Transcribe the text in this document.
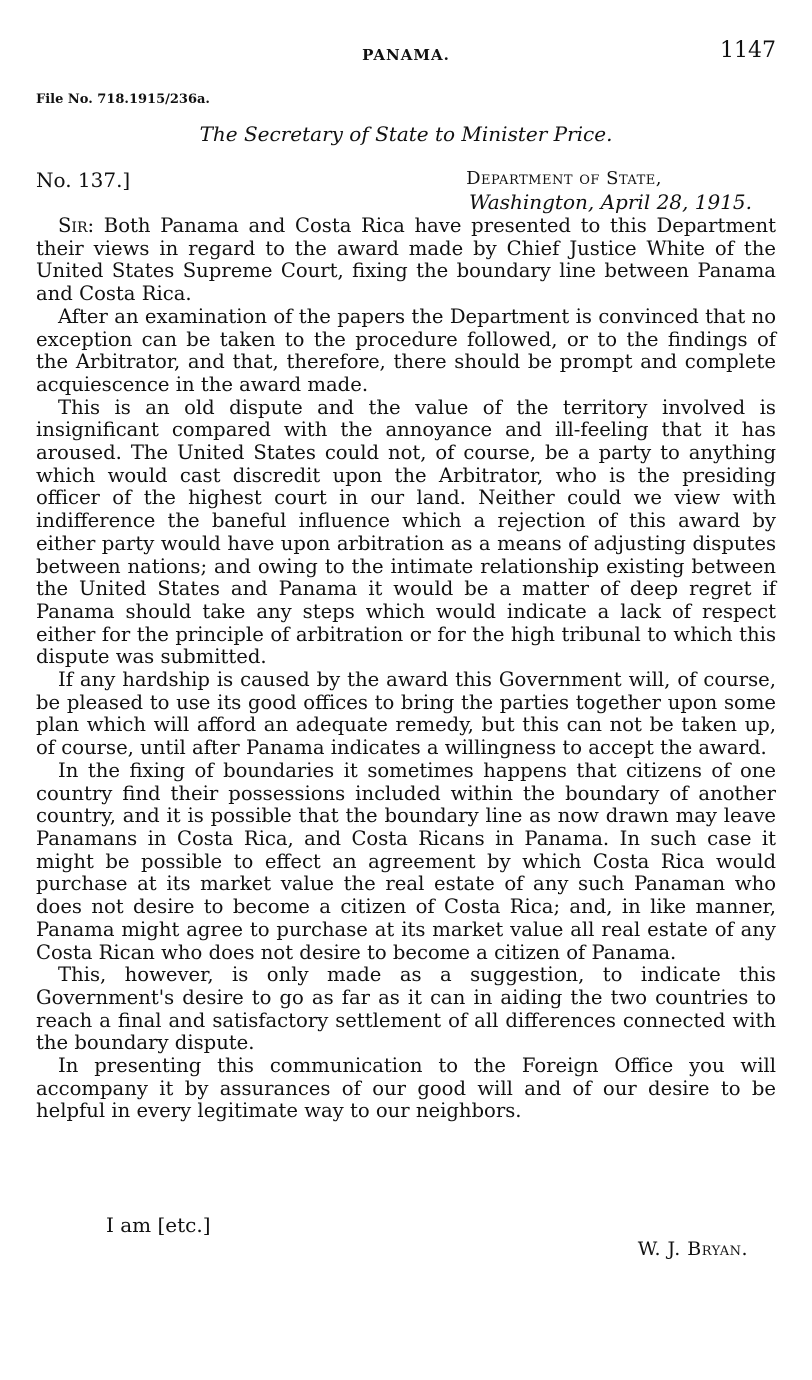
PANAMA.	1147
File No. 718.1915/236a.
The Secretary of State to Minister Price.
No. 137.]	Department of State,
Washington, April 28, 1915.

Sir: Both Panama and Costa Rica have presented to this Department their views in regard to the award made by Chief Justice White of the United States Supreme Court, fixing the boundary line between Panama and Costa Rica.

After an examination of the papers the Department is convinced that no exception can be taken to the procedure followed, or to the findings of the Arbitrator, and that, therefore, there should be prompt and complete acquiescence in the award made.

This is an old dispute and the value of the territory involved is insignificant compared with the annoyance and ill-feeling that it has aroused. The United States could not, of course, be a party to anything which would cast discredit upon the Arbitrator, who is the presiding officer of the highest court in our land. Neither could we view with indifference the baneful influence which a rejection of this award by either party would have upon arbitration as a means of adjusting disputes between nations; and owing to the intimate relationship existing between the United States and Panama it would be a matter of deep regret if Panama should take any steps which would indicate a lack of respect either for the principle of arbitration or for the high tribunal to which this dispute was submitted.

If any hardship is caused by the award this Government will, of course, be pleased to use its good offices to bring the parties together upon some plan which will afford an adequate remedy, but this can not be taken up, of course, until after Panama indicates a willingness to accept the award.

In the fixing of boundaries it sometimes happens that citizens of one country find their possessions included within the boundary of another country, and it is possible that the boundary line as now drawn may leave Panamans in Costa Rica, and Costa Ricans in Panama. In such case it might be possible to effect an agreement by which Costa Rica would purchase at its market value the real estate of any such Panaman who does not desire to become a citizen of Costa Rica; and, in like manner, Panama might agree to purchase at its market value all real estate of any Costa Rican who does not desire to become a citizen of Panama.

This, however, is only made as a suggestion, to indicate this Government's desire to go as far as it can in aiding the two countries to reach a final and satisfactory settlement of all differences connected with the boundary dispute.

In presenting this communication to the Foreign Office you will accompany it by assurances of our good will and of our desire to be helpful in every legitimate way to our neighbors.

I am [etc.]
W. J. Bryan.
